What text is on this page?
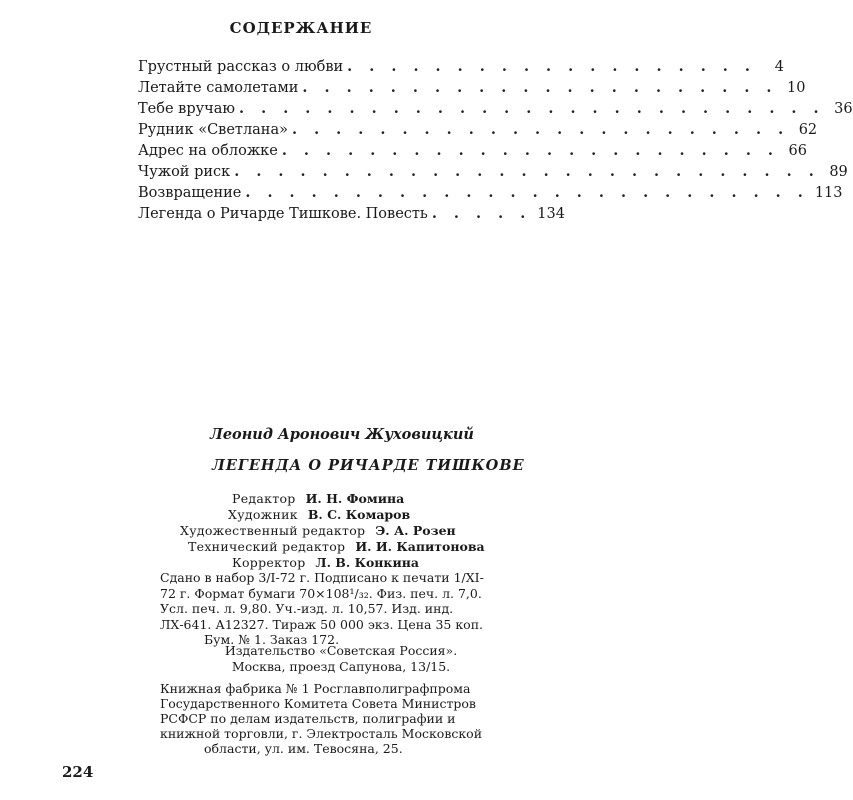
СОДЕРЖАНИЕ
Грустный рассказ о любви . . . . . . . . . . . . . . . . . . .	4
Летайте самолетами . . . . . . . . . . . . . . . . . . . . . . 10
Тебе вручаю . . . . . . . . . . . . . . . . . . . . . . . . . . . 36
Рудник «Светлана» . . . . . . . . . . . . . . . . . . . . . . . 62
Адрес на обложке . . . . . . . . . . . . . . . . . . . . . . . 66
Чужой риск . . . . . . . . . . . . . . . . . . . . . . . . . . . 89
Возвращение . . . . . . . . . . . . . . . . . . . . . . . . . . 113
Легенда о Ричарде Тишкове. Повесть . . . . . 134
Леонид Аронович Жуховицкий
ЛЕГЕНДА О РИЧАРДЕ ТИШКОВЕ
Редактор И. Н. Фомина
Художник В. С. Комаров
Художественный редактор Э. А. Розен
Технический редактор И. И. Капитонова
Корректор Л. В. Конкина
Сдано в набор 3/I-72 г. Подписано к печати 1/XI-
72 г. Формат бумаги 70×108¹/₃₂. Физ. печ. л. 7,0.
Усл. печ. л. 9,80. Уч.-изд. л. 10,57. Изд. инд.
ЛХ-641. А12327. Тираж 50 000 экз. Цена 35 коп.
Бум. № 1. Заказ 172.
Издательство «Советская Россия».
Москва, проезд Сапунова, 13/15.
Книжная фабрика № 1 Росглавполиграфпрома
Государственного Комитета Совета Министров
РСФСР по делам издательств, полиграфии и
книжной торговли, г. Электросталь Московской
области, ул. им. Тевосяна, 25.
224
